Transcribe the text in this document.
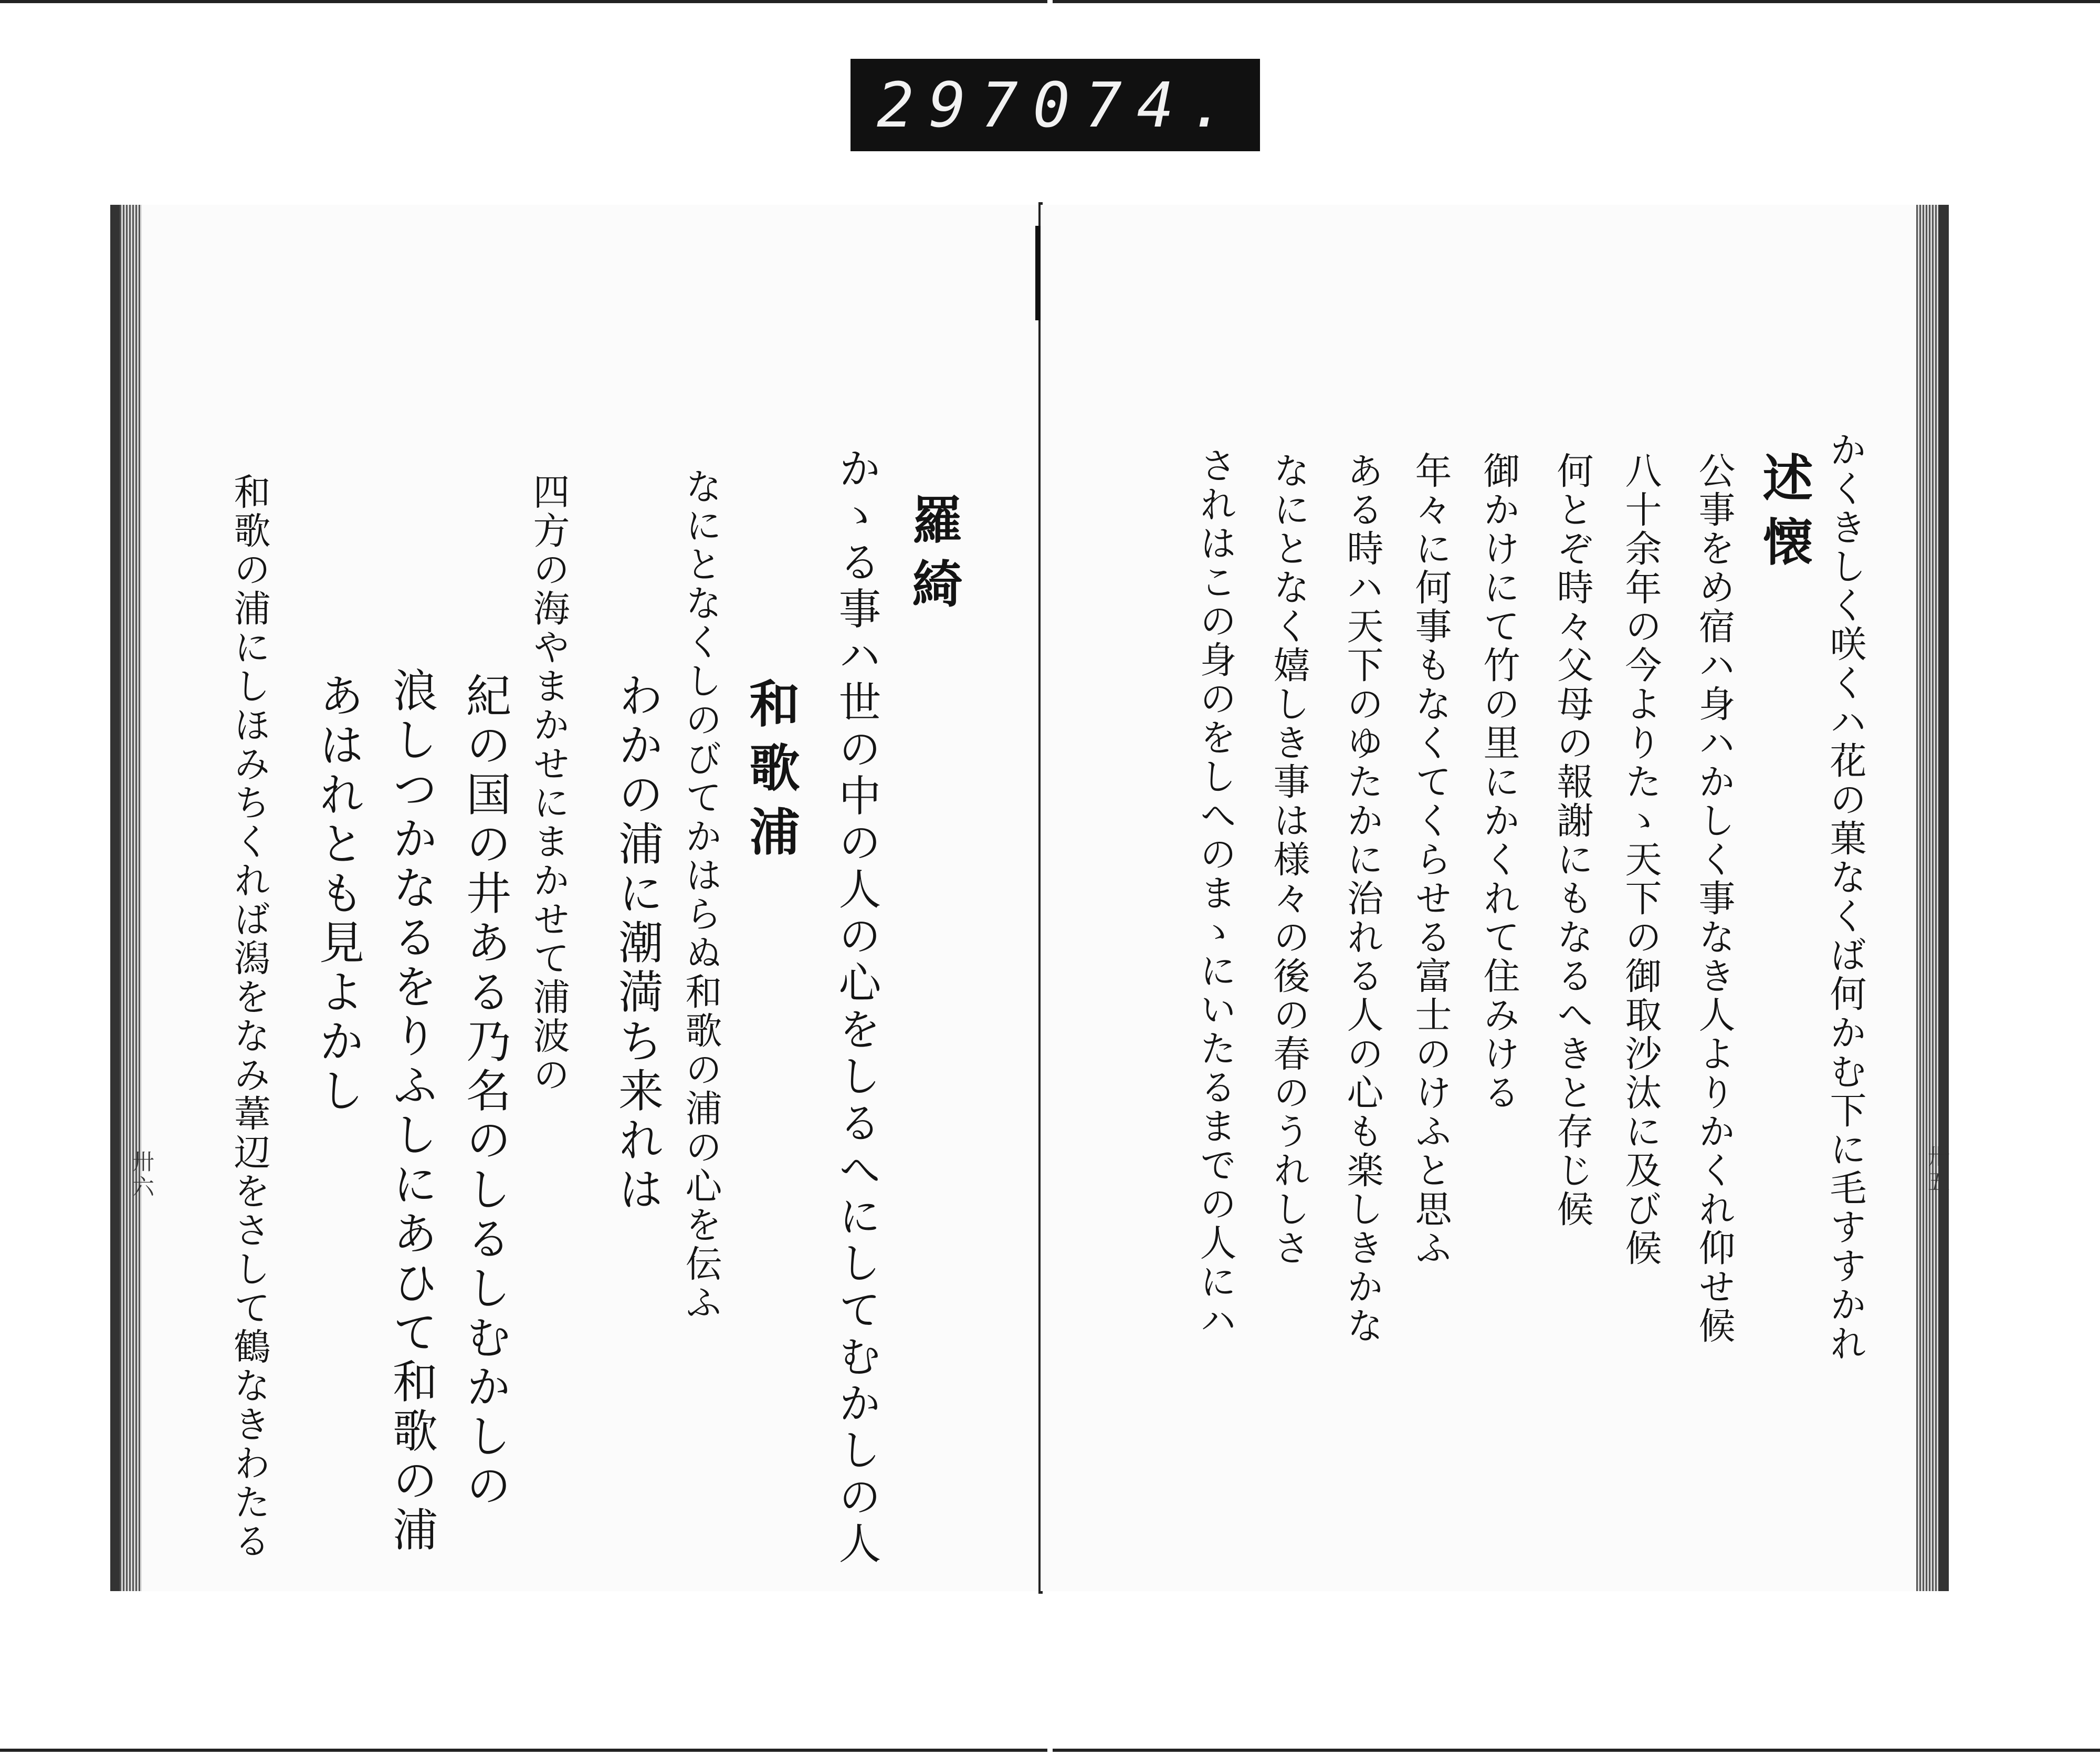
297 074.
卅六	かゝる事ハ世の中の人の心をしるへにしてむかしの人 羅綺
なにとなくしのびてかはらぬ和歌の浦の心を伝ふ 和歌浦
わかの浦に潮満ち来れは
四方の海やまかせにまかせて浦波の
紀の国の井ある乃名のしるしむかしの
浪しつかなるをりふしにあひて和歌の浦
あはれとも見よかし
和歌の浦にしほみちくれば潟をなみ葦辺をさして鶴なきわたる	卅五
かくきしく咲くハ花の菓なくば何かむ下に毛すすかれ
述懐
公事をめ宿ハ身ハかしく事なき人よりかくれ仰せ候
八十余年の今よりたゝ天下の御取沙汰に及び候
何とぞ時々父母の報謝にもなるへきと存じ候
御かけにて竹の里にかくれて住みける
年々に何事もなくてくらせる富士のけふと思ふ
ある時ハ天下のゆたかに治れる人の心も楽しきかな
なにとなく嬉しき事は様々の後の春のうれしさ
されはこの身のをしへのまゝにいたるまでの人にハ
